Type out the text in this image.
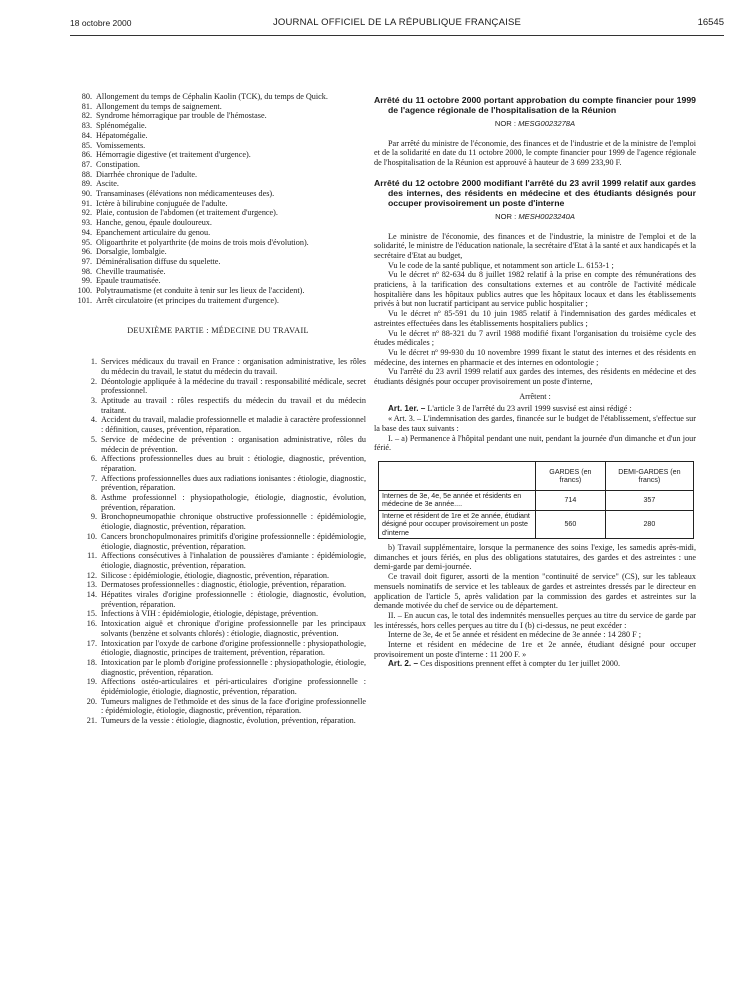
18 octobre 2000	JOURNAL OFFICIEL DE LA RÉPUBLIQUE FRANÇAISE	16545
80. Allongement du temps de Céphalin Kaolin (TCK), du temps de Quick.
81. Allongement du temps de saignement.
82. Syndrome hémorragique par trouble de l'hémostase.
83. Splénomégalie.
84. Hépatomégalie.
85. Vomissements.
86. Hémorragie digestive (et traitement d'urgence).
87. Constipation.
88. Diarrhée chronique de l'adulte.
89. Ascite.
90. Transaminases (élévations non médicamenteuses des).
91. Ictère à bilirubine conjuguée de l'adulte.
92. Plaie, contusion de l'abdomen (et traitement d'urgence).
93. Hanche, genou, épaule douloureux.
94. Epanchement articulaire du genou.
95. Oligoarthrite et polyarthrite (de moins de trois mois d'évolution).
96. Dorsalgie, lombalgie.
97. Déminéralisation diffuse du squelette.
98. Cheville traumatisée.
99. Epaule traumatisée.
100. Polytraumatisme (et conduite à tenir sur les lieux de l'accident).
101. Arrêt circulatoire (et principes du traitement d'urgence).
DEUXIÈME PARTIE : MÉDECINE DU TRAVAIL
1. Services médicaux du travail en France : organisation administrative, les rôles du médecin du travail, le statut du médecin du travail.
2. Déontologie appliquée à la médecine du travail : responsabilité médicale, secret professionnel.
3. Aptitude au travail : rôles respectifs du médecin du travail et du médecin traitant.
4. Accident du travail, maladie professionnelle et maladie à caractère professionnel : définition, causes, prévention, réparation.
5. Service de médecine de prévention : organisation administrative, rôles du médecin de prévention.
6. Affections professionnelles dues au bruit : étiologie, diagnostic, prévention, réparation.
7. Affections professionnelles dues aux radiations ionisantes : étiologie, diagnostic, prévention, réparation.
8. Asthme professionnel : physiopathologie, étiologie, diagnostic, évolution, prévention, réparation.
9. Bronchopneumopathie chronique obstructive professionnelle : épidémiologie, étiologie, diagnostic, prévention, réparation.
10. Cancers bronchopulmonaires primitifs d'origine professionnelle : épidémiologie, étiologie, diagnostic, prévention, réparation.
11. Affections consécutives à l'inhalation de poussières d'amiante : épidémiologie, étiologie, diagnostic, prévention, réparation.
12. Silicose : épidémiologie, étiologie, diagnostic, prévention, réparation.
13. Dermatoses professionnelles : diagnostic, étiologie, prévention, réparation.
14. Hépatites virales d'origine professionnelle : étiologie, diagnostic, évolution, prévention, réparation.
15. Infections à VIH : épidémiologie, étiologie, dépistage, prévention.
16. Intoxication aiguë et chronique d'origine professionnelle par les principaux solvants (benzène et solvants chlorés) : étiologie, diagnostic, prévention.
17. Intoxication par l'oxyde de carbone d'origine professionnelle : physiopathologie, étiologie, diagnostic, principes de traitement, prévention, réparation.
18. Intoxication par le plomb d'origine professionnelle : physiopathologie, étiologie, diagnostic, prévention, réparation.
19. Affections ostéo-articulaires et péri-articulaires d'origine professionnelle : épidémiologie, étiologie, diagnostic, prévention, réparation.
20. Tumeurs malignes de l'ethmoïde et des sinus de la face d'origine professionnelle : épidémiologie, étiologie, diagnostic, prévention, réparation.
21. Tumeurs de la vessie : étiologie, diagnostic, évolution, prévention, réparation.
Arrêté du 11 octobre 2000 portant approbation du compte financier pour 1999 de l'agence régionale de l'hospitalisation de la Réunion
NOR : MESG0023278A

Par arrêté du ministre de l'économie, des finances et de l'industrie et de la ministre de l'emploi et de la solidarité en date du 11 octobre 2000, le compte financier pour 1999 de l'agence régionale de l'hospitalisation de la Réunion est approuvé à hauteur de 3 699 233,90 F.

Arrêté du 12 octobre 2000 modifiant l'arrêté du 23 avril 1999 relatif aux gardes des internes, des résidents en médecine et des étudiants désignés pour occuper provisoirement un poste d'interne
NOR : MESH0023240A

Le ministre de l'économie, des finances et de l'industrie, la ministre de l'emploi et de la solidarité, le ministre de l'éducation nationale, la secrétaire d'Etat à la santé et aux handicapés et la secrétaire d'Etat au budget,

Vu le code de la santé publique, et notamment son article L. 6153-1 ;

Vu le décret nº 82-634 du 8 juillet 1982 relatif à la prise en compte des rémunérations des praticiens, à la tarification des consultations externes et au contrôle de l'activité médicale hospitalière dans les hôpitaux publics autres que les hôpitaux locaux et dans les établissements privés à but non lucratif participant au service public hospitalier ;

Vu le décret nº 85-591 du 10 juin 1985 relatif à l'indemnisation des gardes médicales et astreintes effectuées dans les établissements hospitaliers publics ;

Vu le décret nº 88-321 du 7 avril 1988 modifié fixant l'organisation du troisième cycle des études médicales ;

Vu le décret nº 99-930 du 10 novembre 1999 fixant le statut des internes et des résidents en médecine, des internes en pharmacie et des internes en odontologie ;

Vu l'arrêté du 23 avril 1999 relatif aux gardes des internes, des résidents en médecine et des étudiants désignés pour occuper provisoirement un poste d'interne,

Arrêtent :

Art. 1er. – L'article 3 de l'arrêté du 23 avril 1999 susvisé est ainsi rédigé :

« Art. 3. – L'indemnisation des gardes, financée sur le budget de l'établissement, s'effectue sur la base des taux suivants :

I. – a) Permanence à l'hôpital pendant une nuit, pendant la journée d'un dimanche et d'un jour férié.

	GARDES (en francs)	DEMI-GARDES (en francs)
Internes de 3e, 4e, 5e année et résidents en médecine de 3e année....	714	357
Interne et résident de 1re et 2e année, étudiant désigné pour occuper provisoirement un poste d'interne	560	280

b) Travail supplémentaire, lorsque la permanence des soins l'exige, les samedis après-midi, dimanches et jours fériés, en plus des obligations statutaires, des gardes et des astreintes : une demi-garde par demi-journée.

Ce travail doit figurer, assorti de la mention "continuité de service" (CS), sur les tableaux mensuels nominatifs de service et les tableaux de gardes et astreintes dressés par le directeur en application de l'article 5, après validation par la commission des gardes et astreintes sur la demande motivée du chef de service ou de département.

II. – En aucun cas, le total des indemnités mensuelles perçues au titre du service de garde par les intéressés, hors celles perçues au titre du I (b) ci-dessus, ne peut excéder :

Interne de 3e, 4e et 5e année et résident en médecine de 3e année : 14 280 F ;

Interne et résident en médecine de 1re et 2e année, étudiant désigné pour occuper provisoirement un poste d'interne : 11 200 F. »

Art. 2. – Ces dispositions prennent effet à compter du 1er juillet 2000.
